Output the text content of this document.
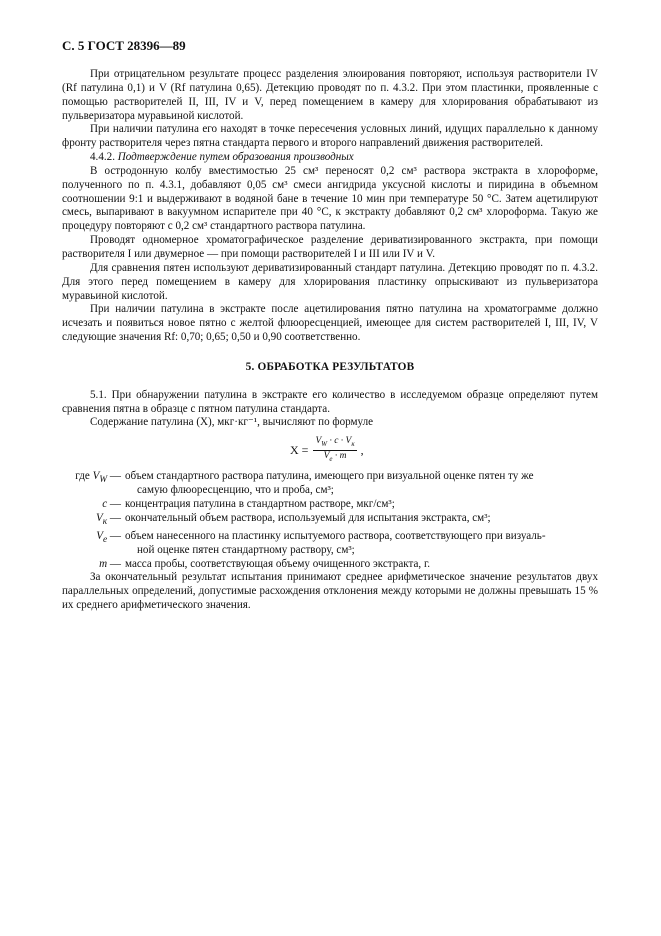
С. 5 ГОСТ 28396—89

При отрицательном результате процесс разделения элюирования повторяют, используя растворители IV (Rf патулина 0,1) и V (Rf патулина 0,65). Детекцию проводят по п. 4.3.2. При этом пластинки, проявленные с помощью растворителей II, III, IV и V, перед помещением в камеру для хлорирования обрабатывают из пульверизатора муравьиной кислотой.

При наличии патулина его находят в точке пересечения условных линий, идущих параллельно к данному фронту растворителя через пятна стандарта первого и второго направлений движения растворителей.

4.4.2. Подтверждение путем образования производных

В остродонную колбу вместимостью 25 см³ переносят 0,2 см³ раствора экстракта в хлороформе, полученного по п. 4.3.1, добавляют 0,05 см³ смеси ангидрида уксусной кислоты и пиридина в объемном соотношении 9:1 и выдерживают в водяной бане в течение 10 мин при температуре 50 °С. Затем ацетилируют смесь, выпаривают в вакуумном испарителе при 40 °С, к экстракту добавляют 0,2 см³ хлороформа. Такую же процедуру повторяют с 0,2 см³ стандартного раствора патулина.

Проводят одномерное хроматографическое разделение дериватизированного экстракта, при помощи растворителя I или двумерное — при помощи растворителей I и III или IV и V.

Для сравнения пятен используют дериватизированный стандарт патулина. Детекцию проводят по п. 4.3.2. Для этого перед помещением в камеру для хлорирования пластинку опрыскивают из пульверизатора муравьиной кислотой.

При наличии патулина в экстракте после ацетилирования пятно патулина на хроматограмме должно исчезать и появиться новое пятно с желтой флюоресценцией, имеющее для систем растворителей I, III, IV, V следующие значения Rf: 0,70; 0,65; 0,50 и 0,90 соответственно.

5. ОБРАБОТКА РЕЗУЛЬТАТОВ

5.1. При обнаружении патулина в экстракте его количество в исследуемом образце определяют путем сравнения пятна в образце с пятном патулина стандарта.

Содержание патулина (X), мкг·кг⁻¹, вычисляют по формуле

$X = \frac{V_W \cdot c \cdot V_к}{V_e \cdot m}$ ,
где $V_W$ — объем стандартного раствора патулина, имеющего при визуальной оценке пятен ту же
самую флюоресценцию, что и проба, см³;
c — концентрация патулина в стандартном растворе, мкг/см³;
$V_к$ — окончательный объем раствора, используемый для испытания экстракта, см³;
$V_e$ — объем нанесенного на пластинку испытуемого раствора, соответствующего при визуаль-
ной оценке пятен стандартному раствору, см³;
m — масса пробы, соответствующая объему очищенного экстракта, г.

За окончательный результат испытания принимают среднее арифметическое значение результатов двух параллельных определений, допустимые расхождения отклонения между которыми не должны превышать 15 % их среднего арифметического значения.
